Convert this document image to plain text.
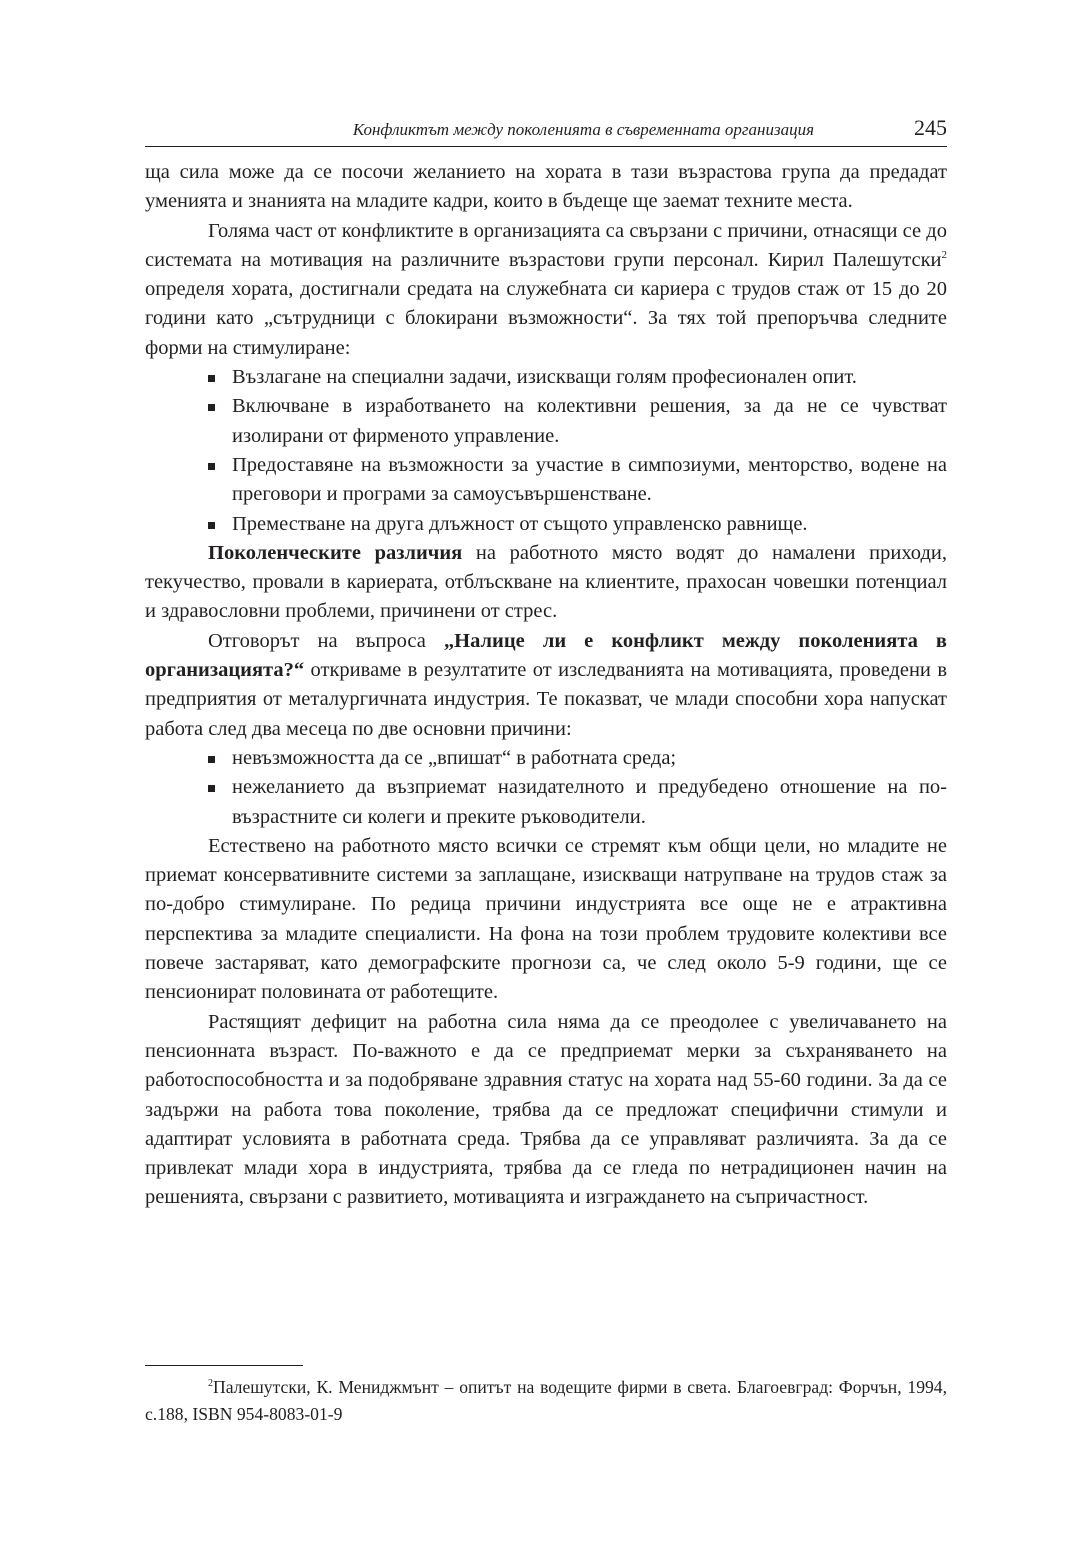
Конфликтът между поколенията в съвременната организация	245

ща сила може да се посочи желанието на хората в тази възрастова група да предадат уменията и знанията на младите кадри, които в бъдеще ще заемат техните места.

Голяма част от конфликтите в организацията са свързани с причини, отнасящи се до системата на мотивация на различните възрастови групи персонал. Кирил Палешутски$^2$ определя хората, достигнали средата на служебната си кариера с трудов стаж от 15 до 20 години като „сътрудници с блокирани възможности“. За тях той препоръчва следните форми на стимулиране:

Възлагане на специални задачи, изискващи голям професионален опит.
Включване в изработването на колективни решения, за да не се чувстват изолирани от фирменото управление.
Предоставяне на възможности за участие в симпозиуми, менторство, водене на преговори и програми за самоусъвършенстване.
Преместване на друга длъжност от същото управленско равнище.

Поколенческите различия на работното място водят до намалени приходи, текучество, провали в кариерата, отблъскване на клиентите, прахосан човешки потенциал и здравословни проблеми, причинени от стрес.

Отговорът на въпроса „Налице ли е конфликт между поколенията в организацията?“ откриваме в резултатите от изследванията на мотивацията, проведени в предприятия от металургичната индустрия. Те показват, че млади способни хора напускат работа след два месеца по две основни причини:

невъзможността да се „впишат“ в работната среда;
нежеланието да възприемат назидателното и предубедено отношение на по-възрастните си колеги и преките ръководители.

Естествено на работното място всички се стремят към общи цели, но младите не приемат консервативните системи за заплащане, изискващи натрупване на трудов стаж за по-добро стимулиране. По редица причини индустрията все още не е атрактивна перспектива за младите специалисти. На фона на този проблем трудовите колективи все повече застаряват, като демографските прогнози са, че след около 5-9 години, ще се пенсионират половината от работещите.

Растящият дефицит на работна сила няма да се преодолее с увеличаването на пенсионната възраст. По-важното е да се предприемат мерки за съхраняването на работоспособността и за подобряване здравния статус на хората над 55-60 години. За да се задържи на работа това поколение, трябва да се предложат специфични стимули и адаптират условията в работната среда. Трябва да се управляват различията. За да се привлекат млади хора в индустрията, трябва да се гледа по нетрадиционен начин на решенията, свързани с развитието, мотивацията и изграждането на съпричастност.

$^2$Палешутски, К. Мениджмънт – опитът на водещите фирми в света. Благоевград: Форчън, 1994, с.188, ISBN 954-8083-01-9
